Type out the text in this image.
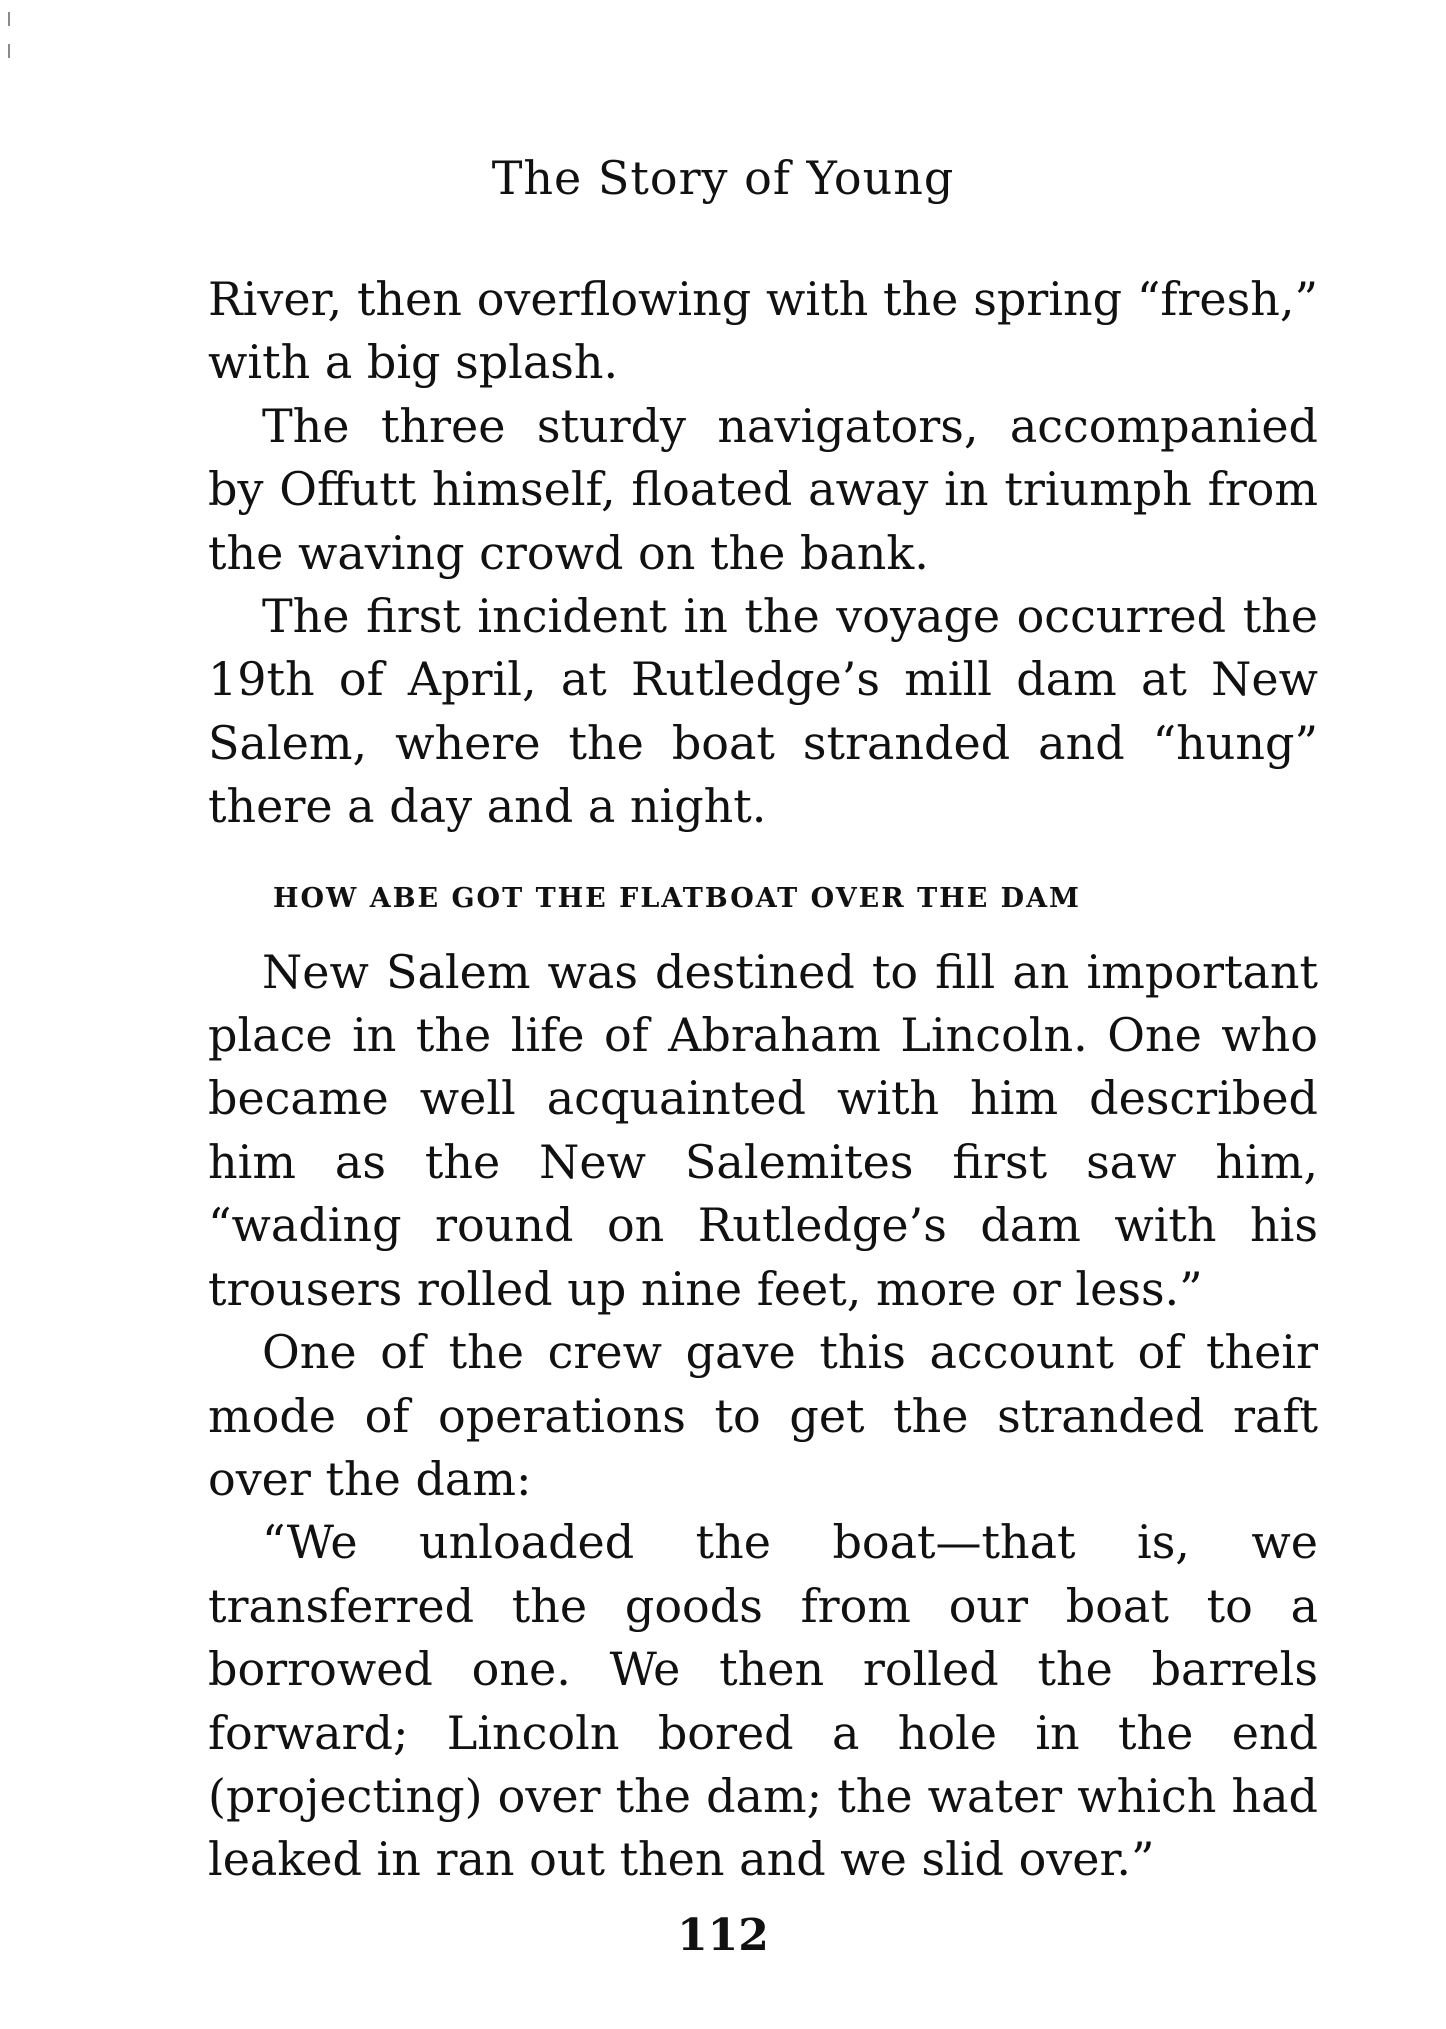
The Story of Young

River, then overflowing with the spring “fresh,” with a big splash.

The three sturdy navigators, accompanied by Offutt himself, floated away in triumph from the waving crowd on the bank.

The first incident in the voyage occurred the 19th of April, at Rutledge’s mill dam at New Salem, where the boat stranded and “hung” there a day and a night.

HOW ABE GOT THE FLATBOAT OVER THE DAM

New Salem was destined to fill an important place in the life of Abraham Lincoln. One who became well acquainted with him described him as the New Salemites first saw him, “wading round on Rutledge’s dam with his trousers rolled up nine feet, more or less.”

One of the crew gave this account of their mode of operations to get the stranded raft over the dam:

“We unloaded the boat—that is, we transferred the goods from our boat to a borrowed one. We then rolled the barrels forward; Lincoln bored a hole in the end (projecting) over the dam; the water which had leaked in ran out then and we slid over.”

112
